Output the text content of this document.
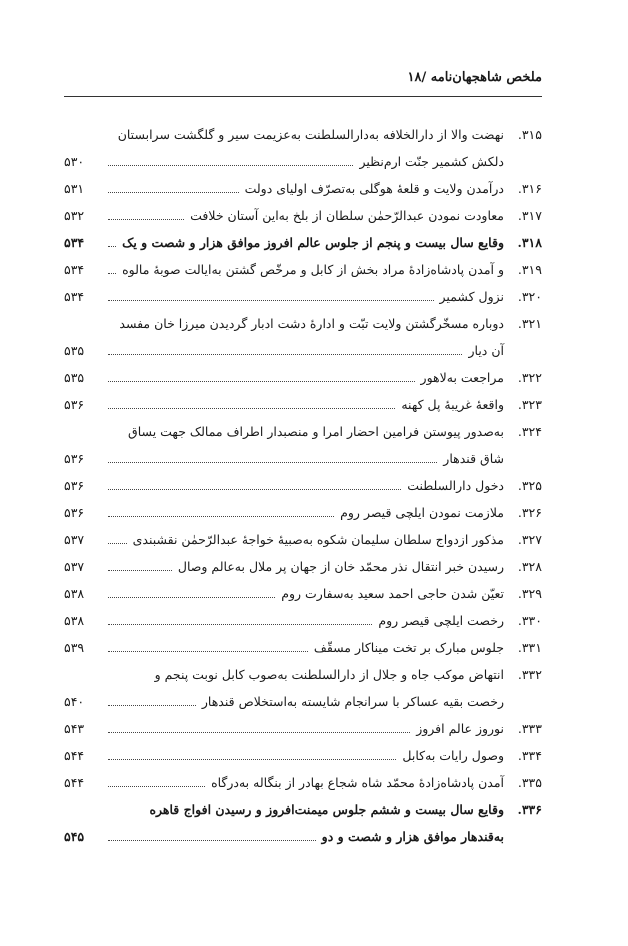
ملخص شاهجهان‌نامه /۱۸
۳۱۵.
نهضت والا از دارالخلافه به‌دارالسلطنت به‌عزیمت سیر و گلگشت سرابستان
دلکش کشمیر جنّت ارم‌نظیر
۵۳۰
۳۱۶.
درآمدن ولایت و قلعهٔ هوگلی به‌تصرّف اولیای دولت
۵۳۱
۳۱۷.
معاودت نمودن عبدالرّحمٰن سلطان از بلخ به‌این آستان خلافت
۵۳۲
۳۱۸.
وقایع سال بیست و پنجم از جلوس عالم افروز موافق هزار و شصت و یک
۵۳۴
۳۱۹.
و آمدن پادشاه‌زادهٔ مراد بخش از کابل و مرخّص گشتن به‌ایالت صوبهٔ مالوه
۵۳۴
۳۲۰.
نزول کشمیر
۵۳۴
۳۲۱.
دوباره مسخّرگشتن ولایت تبّت و ادارهٔ دشت ادبار گردیدن میرزا خان مفسد
آن دیار
۵۳۵
۳۲۲.
مراجعت به‌لاهور
۵۳۵
۳۲۳.
واقعهٔ غریبهٔ پل کهنه
۵۳۶
۳۲۴.
به‌صدور پیوستن فرامین احضار امرا و منصبدار اطراف ممالک جهت یساق
شاق قندهار
۵۳۶
۳۲۵.
دخول دارالسلطنت
۵۳۶
۳۲۶.
ملازمت نمودن ایلچی قیصر روم
۵۳۶
۳۲۷.
مذکور ازدواج سلطان سلیمان شکوه به‌صبیهٔ خواجهٔ عبدالرّحمٰن نقشبندی
۵۳۷
۳۲۸.
رسیدن خبر انتقال نذر محمّد خان از جهان پر ملال به‌عالم وصال
۵۳۷
۳۲۹.
تعیّن شدن حاجی احمد سعید به‌سفارت روم
۵۳۸
۳۳۰.
رخصت ایلچی قیصر روم
۵۳۸
۳۳۱.
جلوس مبارک بر تخت میناکار مسقّف
۵۳۹
۳۳۲.
انتهاض موکب جاه و جلال از دارالسلطنت به‌صوب کابل نوبت پنجم و
رخصت بقیه عساکر با سرانجام شایسته به‌استخلاص قندهار
۵۴۰
۳۳۳.
نوروز عالم افروز
۵۴۳
۳۳۴.
وصول رایات به‌کابل
۵۴۴
۳۳۵.
آمدن پادشاه‌زادهٔ محمّد شاه شجاع بهادر از بنگاله به‌درگاه
۵۴۴
۳۳۶.
وقایع سال بیست و ششم جلوس میمنت‌افروز و رسیدن افواج قاهره
به‌قندهار موافق هزار و شصت و دو
۵۴۵
